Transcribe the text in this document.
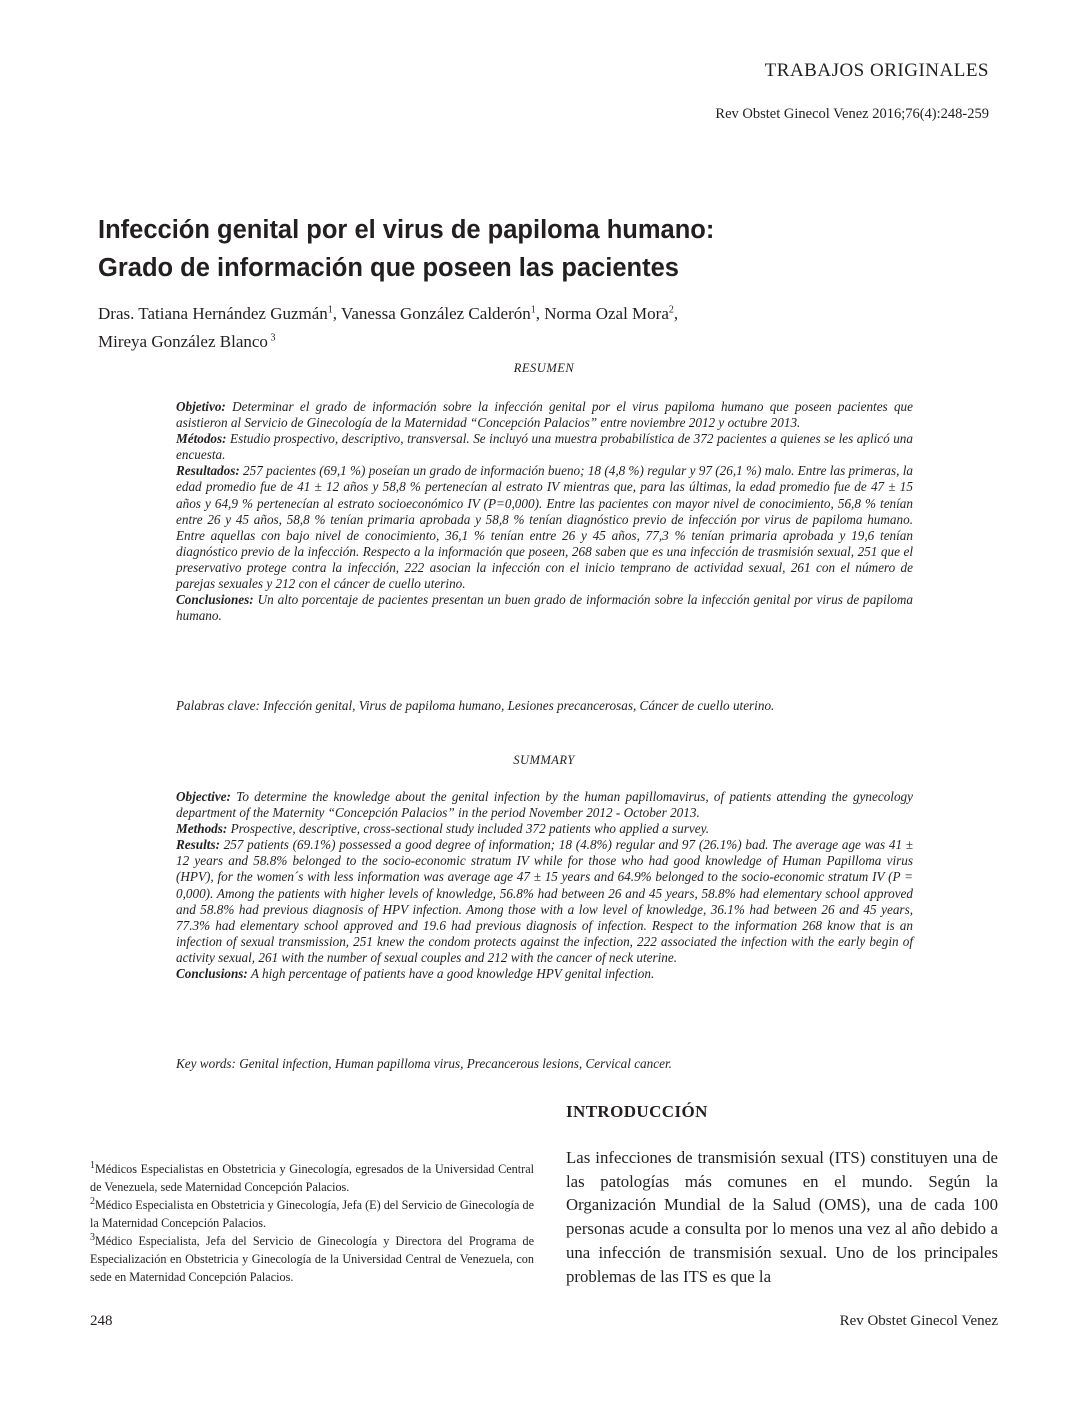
TRABAJOS ORIGINALES
Rev Obstet Ginecol Venez 2016;76(4):248-259
Infección genital por el virus de papiloma humano:
Grado de información que poseen las pacientes
Dras. Tatiana Hernández Guzmán$^1$, Vanessa González Calderón$^1$, Norma Ozal Mora$^2$,
Mireya González Blanco $^3$
RESUMEN

Objetivo: Determinar el grado de información sobre la infección genital por el virus papiloma humano que poseen pacientes que asistieron al Servicio de Ginecología de la Maternidad “Concepción Palacios” entre noviembre 2012 y octubre 2013.

Métodos: Estudio prospectivo, descriptivo, transversal. Se incluyó una muestra probabilística de 372 pacientes a quienes se les aplicó una encuesta.

Resultados: 257 pacientes (69,1 %) poseían un grado de información bueno; 18 (4,8 %) regular y 97 (26,1 %) malo. Entre las primeras, la edad promedio fue de 41 ± 12 años y 58,8 % pertenecían al estrato IV mientras que, para las últimas, la edad promedio fue de 47 ± 15 años y 64,9 % pertenecían al estrato socioeconómico IV (P=0,000). Entre las pacientes con mayor nivel de conocimiento, 56,8 % tenían entre 26 y 45 años, 58,8 % tenían primaria aprobada y 58,8 % tenían diagnóstico previo de infección por virus de papiloma humano. Entre aquellas con bajo nivel de conocimiento, 36,1 % tenían entre 26 y 45 años, 77,3 % tenían primaria aprobada y 19,6 tenían diagnóstico previo de la infección. Respecto a la información que poseen, 268 saben que es una infección de trasmisión sexual, 251 que el preservativo protege contra la infección, 222 asocian la infección con el inicio temprano de actividad sexual, 261 con el número de parejas sexuales y 212 con el cáncer de cuello uterino.

Conclusiones: Un alto porcentaje de pacientes presentan un buen grado de información sobre la infección genital por virus de papiloma humano.

Palabras clave: Infección genital, Virus de papiloma humano, Lesiones precancerosas, Cáncer de cuello uterino.
SUMMARY

Objective: To determine the knowledge about the genital infection by the human papillomavirus, of patients attending the gynecology department of the Maternity “Concepción Palacios” in the period November 2012 - October 2013.

Methods: Prospective, descriptive, cross-sectional study included 372 patients who applied a survey.

Results: 257 patients (69.1%) possessed a good degree of information; 18 (4.8%) regular and 97 (26.1%) bad. The average age was 41 ± 12 years and 58.8% belonged to the socio-economic stratum IV while for those who had good knowledge of Human Papilloma virus (HPV), for the women´s with less information was average age 47 ± 15 years and 64.9% belonged to the socio-economic stratum IV (P = 0,000). Among the patients with higher levels of knowledge, 56.8% had between 26 and 45 years, 58.8% had elementary school approved and 58.8% had previous diagnosis of HPV infection. Among those with a low level of knowledge, 36.1% had between 26 and 45 years, 77.3% had elementary school approved and 19.6 had previous diagnosis of infection. Respect to the information 268 know that is an infection of sexual transmission, 251 knew the condom protects against the infection, 222 associated the infection with the early begin of activity sexual, 261 with the number of sexual couples and 212 with the cancer of neck uterine.

Conclusions: A high percentage of patients have a good knowledge HPV genital infection.

Key words: Genital infection, Human papilloma virus, Precancerous lesions, Cervical cancer.
INTRODUCCIÓN
Las infecciones de transmisión sexual (ITS) constituyen una de las patologías más comunes en el mundo. Según la Organización Mundial de la Salud (OMS), una de cada 100 personas acude a consulta por lo menos una vez al año debido a una infección de transmisión sexual. Uno de los principales problemas de las ITS es que la

$^1$Médicos Especialistas en Obstetricia y Ginecología, egresados de la Universidad Central de Venezuela, sede Maternidad Concepción Palacios.

$^2$Médico Especialista en Obstetricia y Ginecología, Jefa (E) del Servicio de Ginecología de la Maternidad Concepción Palacios.

$^3$Médico Especialista, Jefa del Servicio de Ginecología y Directora del Programa de Especialización en Obstetricia y Ginecología de la Universidad Central de Venezuela, con sede en Maternidad Concepción Palacios.

248	Rev Obstet Ginecol Venez
